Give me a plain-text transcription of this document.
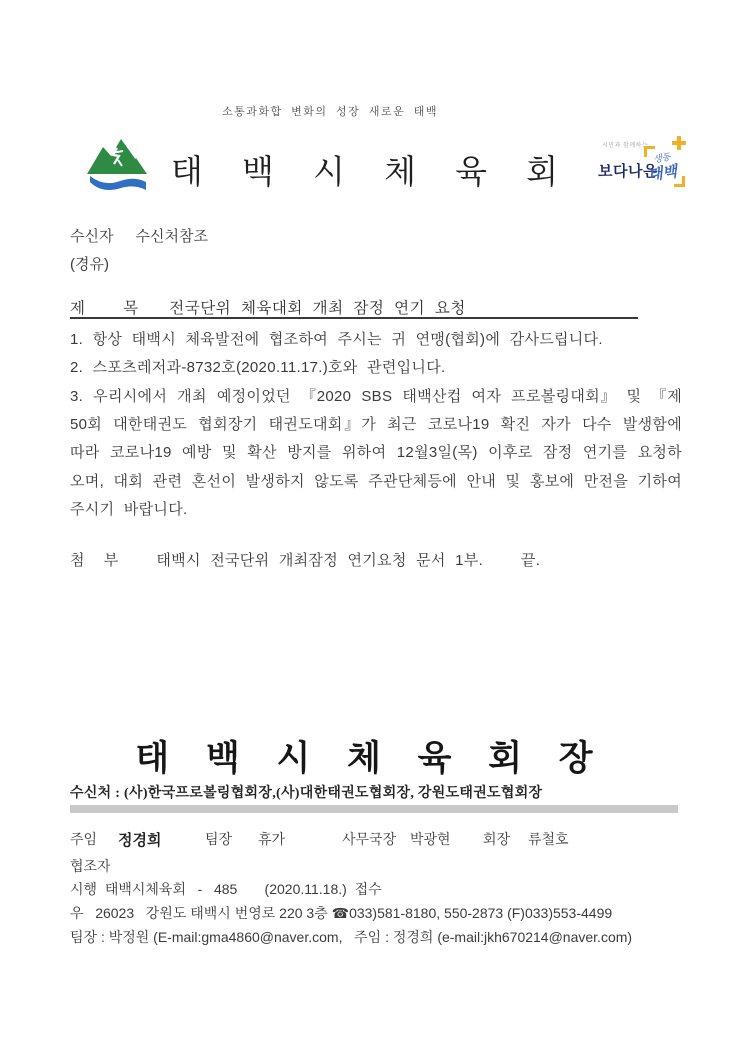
소통과화합 변화의 성장 새로운 태백
태 백 시 체 육 회
시민과 함께하는
보다나은
생동
태백
수신자 수신처참조
(경유)
제 목 전국단위 체육대회 개최 잠정 연기 요청
1. 항상 태백시 체육발전에 협조하여 주시는 귀 연맹(협회)에 감사드립니다.
2. 스포츠레저과-8732호(2020.11.17.)호와 관련입니다.
3. 우리시에서 개최 예정이었던 『2020 SBS 태백산컵 여자 프로볼링대회』 및 『제
50회 대한태권도 협회장기 태권도대회』가 최근 코로나19 확진 자가 다수 발생함에
따라 코로나19 예방 및 확산 방지를 위하여 12월3일(목) 이후로 잠정 연기를 요청하
오며, 대회 관련 혼선이 발생하지 않도록 주관단체등에 안내 및 홍보에 만전을 기하여
주시기 바랍니다.
첨  부    태백시 전국단위 개최잠정 연기요청 문서 1부.    끝.
태 백 시 체 육 회 장
수신처 : (사)한국프로볼링협회장,(사)대한태권도협회장, 강원도태권도협회장
주임 정경희	팀장 휴가	사무국장 박광현 회장 류철호
협조자
시행  태백시체육회   -   485       (2020.11.18.)  접수
우   26023   강원도 태백시 번영로 220 3층 ☎033)581-8180, 550-2873 (F)033)553-4499
팀장 : 박정원 (E-mail:gma4860@naver.com,   주임 : 정경희 (e-mail:jkh670214@naver.com)
